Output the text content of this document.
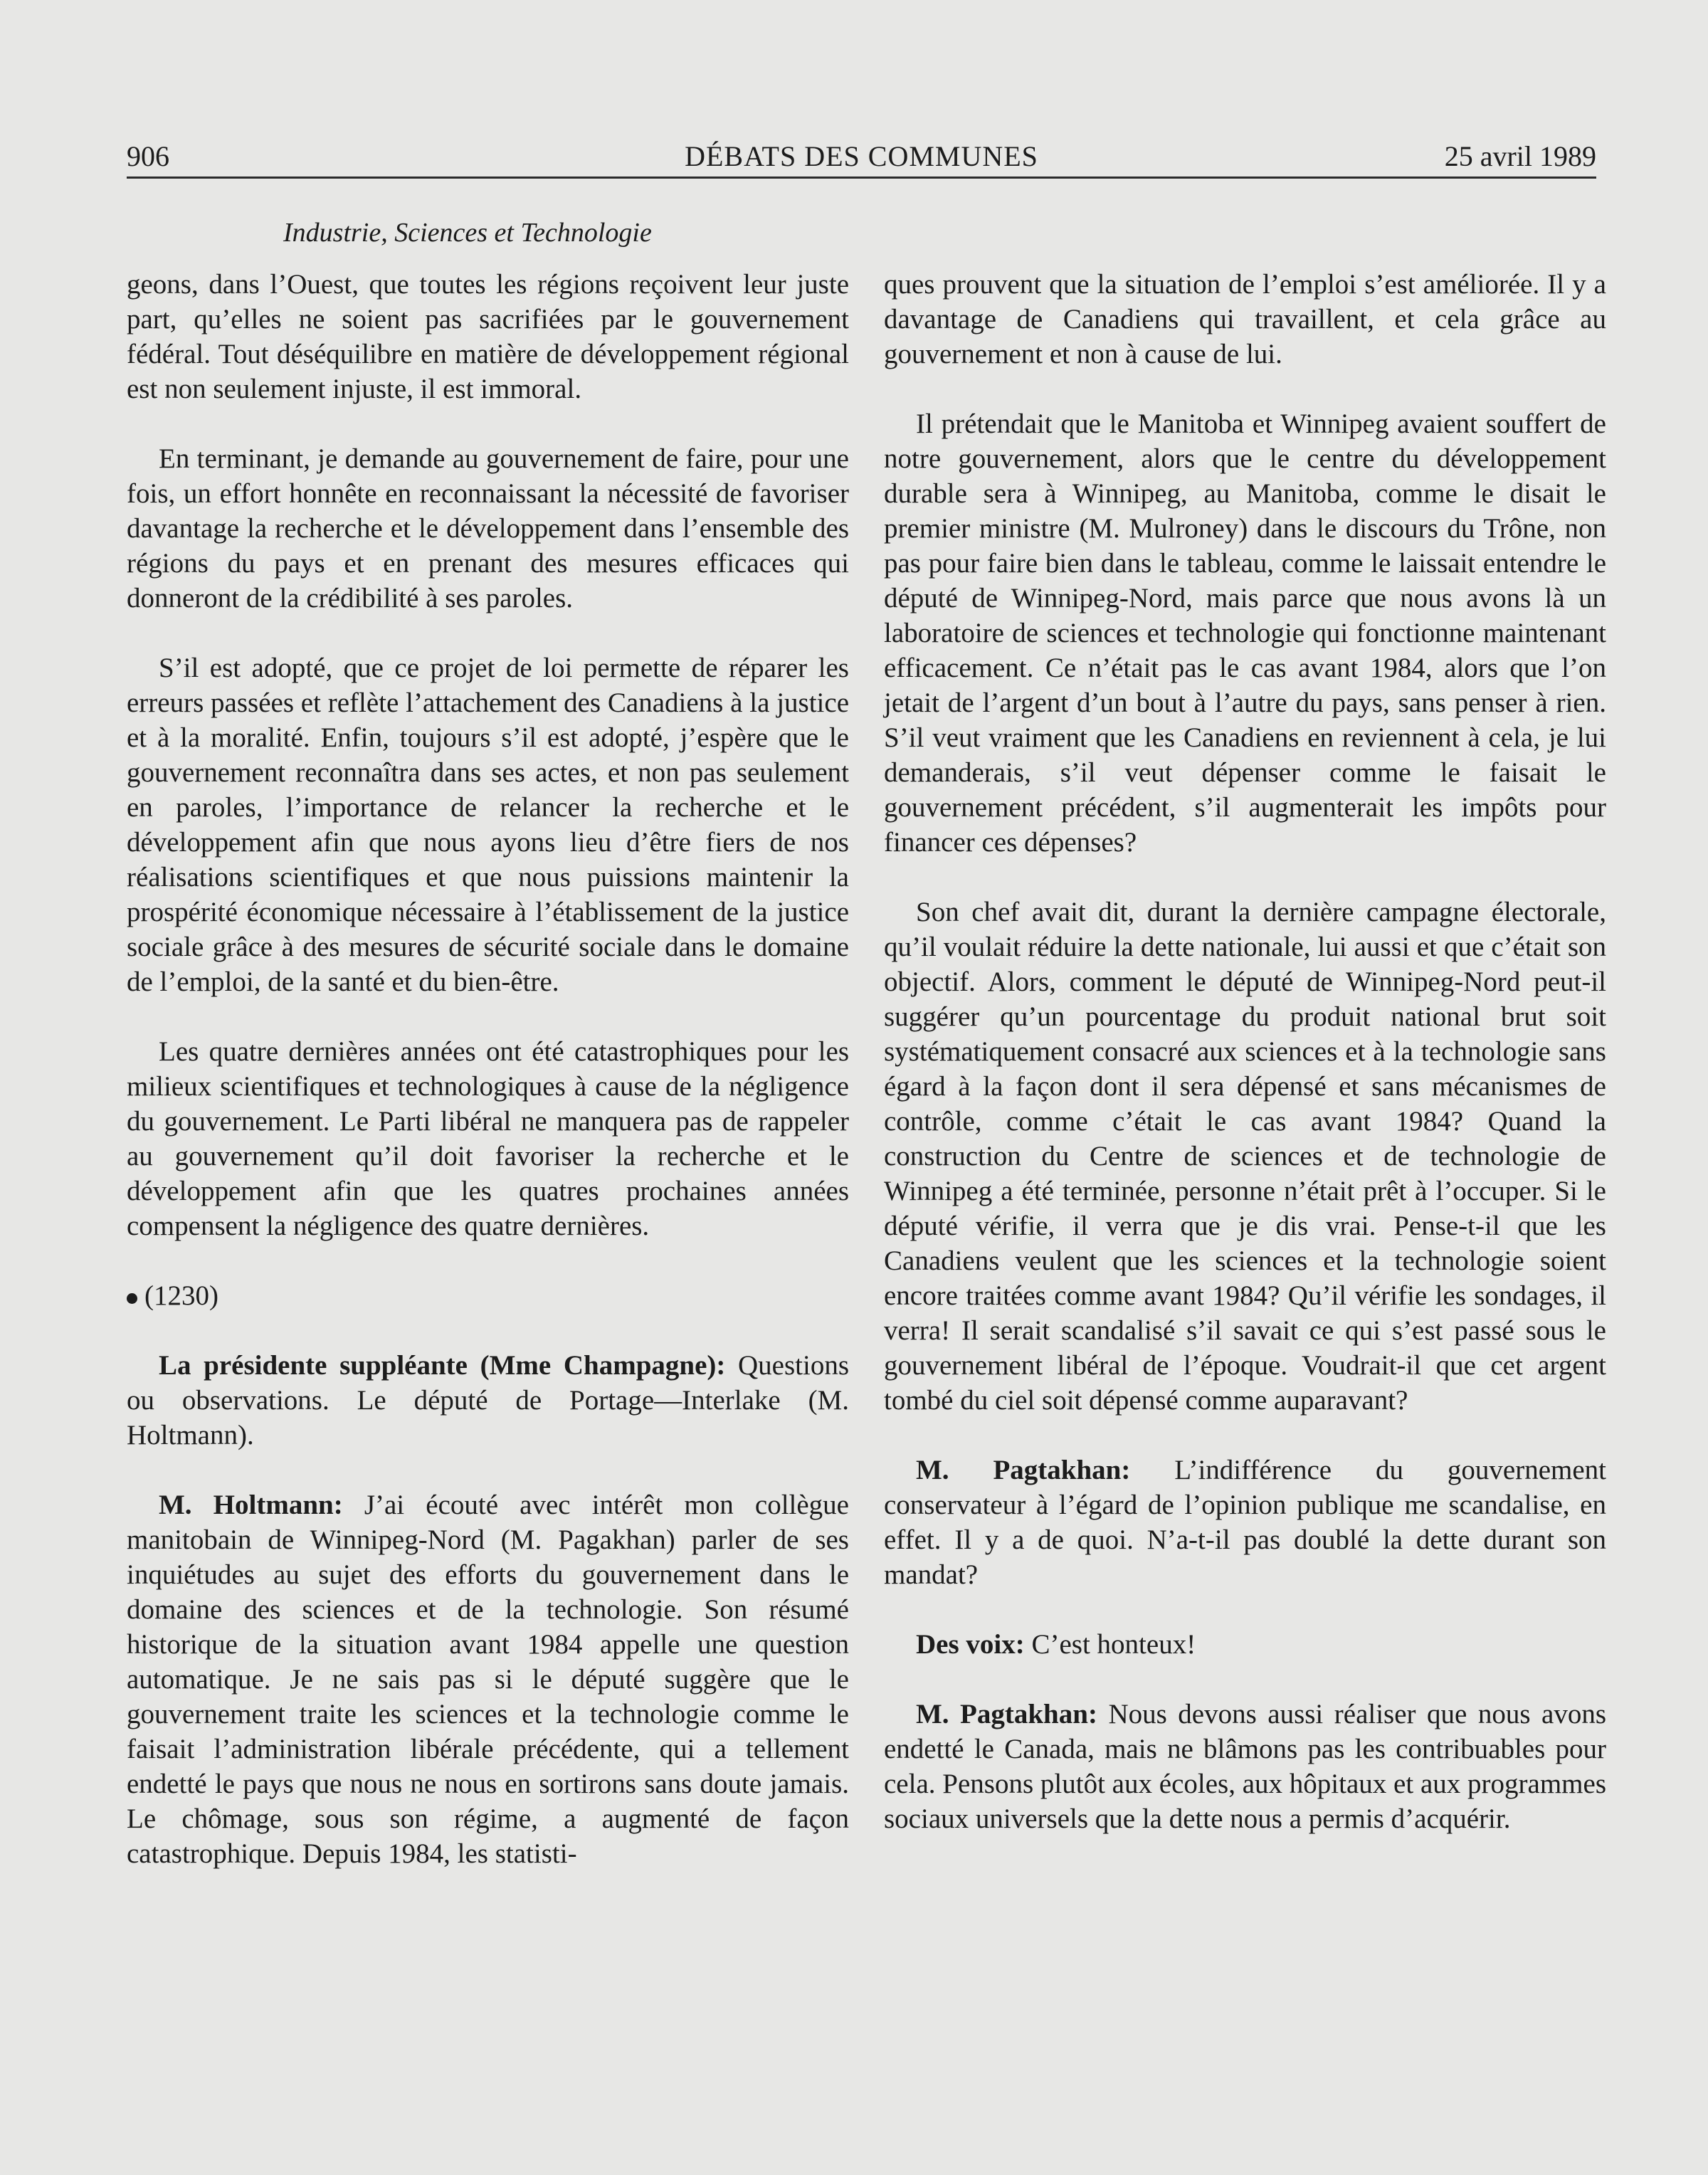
906	DÉBATS DES COMMUNES	25 avril 1989
Industrie, Sciences et Technologie

geons, dans l’Ouest, que toutes les régions reçoivent leur juste part, qu’elles ne soient pas sacrifiées par le gouvernement fédéral. Tout déséquilibre en matière de développement régional est non seulement injuste, il est immoral.

En terminant, je demande au gouvernement de faire, pour une fois, un effort honnête en reconnaissant la nécessité de favoriser davantage la recherche et le développement dans l’ensemble des régions du pays et en prenant des mesures efficaces qui donneront de la crédibilité à ses paroles.

S’il est adopté, que ce projet de loi permette de réparer les erreurs passées et reflète l’attachement des Canadiens à la justice et à la moralité. Enfin, toujours s’il est adopté, j’espère que le gouvernement reconnaîtra dans ses actes, et non pas seulement en paroles, l’importance de relancer la recherche et le développement afin que nous ayons lieu d’être fiers de nos réalisations scientifiques et que nous puissions maintenir la prospérité économique nécessaire à l’établissement de la justice sociale grâce à des mesures de sécurité sociale dans le domaine de l’emploi, de la santé et du bien-être.

Les quatre dernières années ont été catastrophiques pour les milieux scientifiques et technologiques à cause de la négligence du gouvernement. Le Parti libéral ne manquera pas de rappeler au gouvernement qu’il doit favoriser la recherche et le développement afin que les quatres prochaines années compensent la négligence des quatre dernières.

(1230)

La présidente suppléante (Mme Champagne): Questions ou observations. Le député de Portage—Interlake (M. Holtmann).

M. Holtmann: J’ai écouté avec intérêt mon collègue manitobain de Winnipeg-Nord (M. Pagakhan) parler de ses inquiétudes au sujet des efforts du gouvernement dans le domaine des sciences et de la technologie. Son résumé historique de la situation avant 1984 appelle une question automatique. Je ne sais pas si le député suggère que le gouvernement traite les sciences et la technologie comme le faisait l’administration libérale précédente, qui a tellement endetté le pays que nous ne nous en sortirons sans doute jamais. Le chômage, sous son régime, a augmenté de façon catastrophique. Depuis 1984, les statisti-

ques prouvent que la situation de l’emploi s’est améliorée. Il y a davantage de Canadiens qui travaillent, et cela grâce au gouvernement et non à cause de lui.

Il prétendait que le Manitoba et Winnipeg avaient souffert de notre gouvernement, alors que le centre du développement durable sera à Winnipeg, au Manitoba, comme le disait le premier ministre (M. Mulroney) dans le discours du Trône, non pas pour faire bien dans le tableau, comme le laissait entendre le député de Winnipeg-Nord, mais parce que nous avons là un laboratoire de sciences et technologie qui fonctionne maintenant efficacement. Ce n’était pas le cas avant 1984, alors que l’on jetait de l’argent d’un bout à l’autre du pays, sans penser à rien. S’il veut vraiment que les Canadiens en reviennent à cela, je lui demanderais, s’il veut dépenser comme le faisait le gouvernement précédent, s’il augmenterait les impôts pour financer ces dépenses?

Son chef avait dit, durant la dernière campagne électorale, qu’il voulait réduire la dette nationale, lui aussi et que c’était son objectif. Alors, comment le député de Winnipeg-Nord peut-il suggérer qu’un pourcentage du produit national brut soit systématiquement consacré aux sciences et à la technologie sans égard à la façon dont il sera dépensé et sans mécanismes de contrôle, comme c’était le cas avant 1984? Quand la construction du Centre de sciences et de technologie de Winnipeg a été terminée, personne n’était prêt à l’occuper. Si le député vérifie, il verra que je dis vrai. Pense-t-il que les Canadiens veulent que les sciences et la technologie soient encore traitées comme avant 1984? Qu’il vérifie les sondages, il verra! Il serait scandalisé s’il savait ce qui s’est passé sous le gouvernement libéral de l’époque. Voudrait-il que cet argent tombé du ciel soit dépensé comme auparavant?

M. Pagtakhan: L’indifférence du gouvernement conservateur à l’égard de l’opinion publique me scandalise, en effet. Il y a de quoi. N’a-t-il pas doublé la dette durant son mandat?

Des voix: C’est honteux!

M. Pagtakhan: Nous devons aussi réaliser que nous avons endetté le Canada, mais ne blâmons pas les contribuables pour cela. Pensons plutôt aux écoles, aux hôpitaux et aux programmes sociaux universels que la dette nous a permis d’acquérir.
